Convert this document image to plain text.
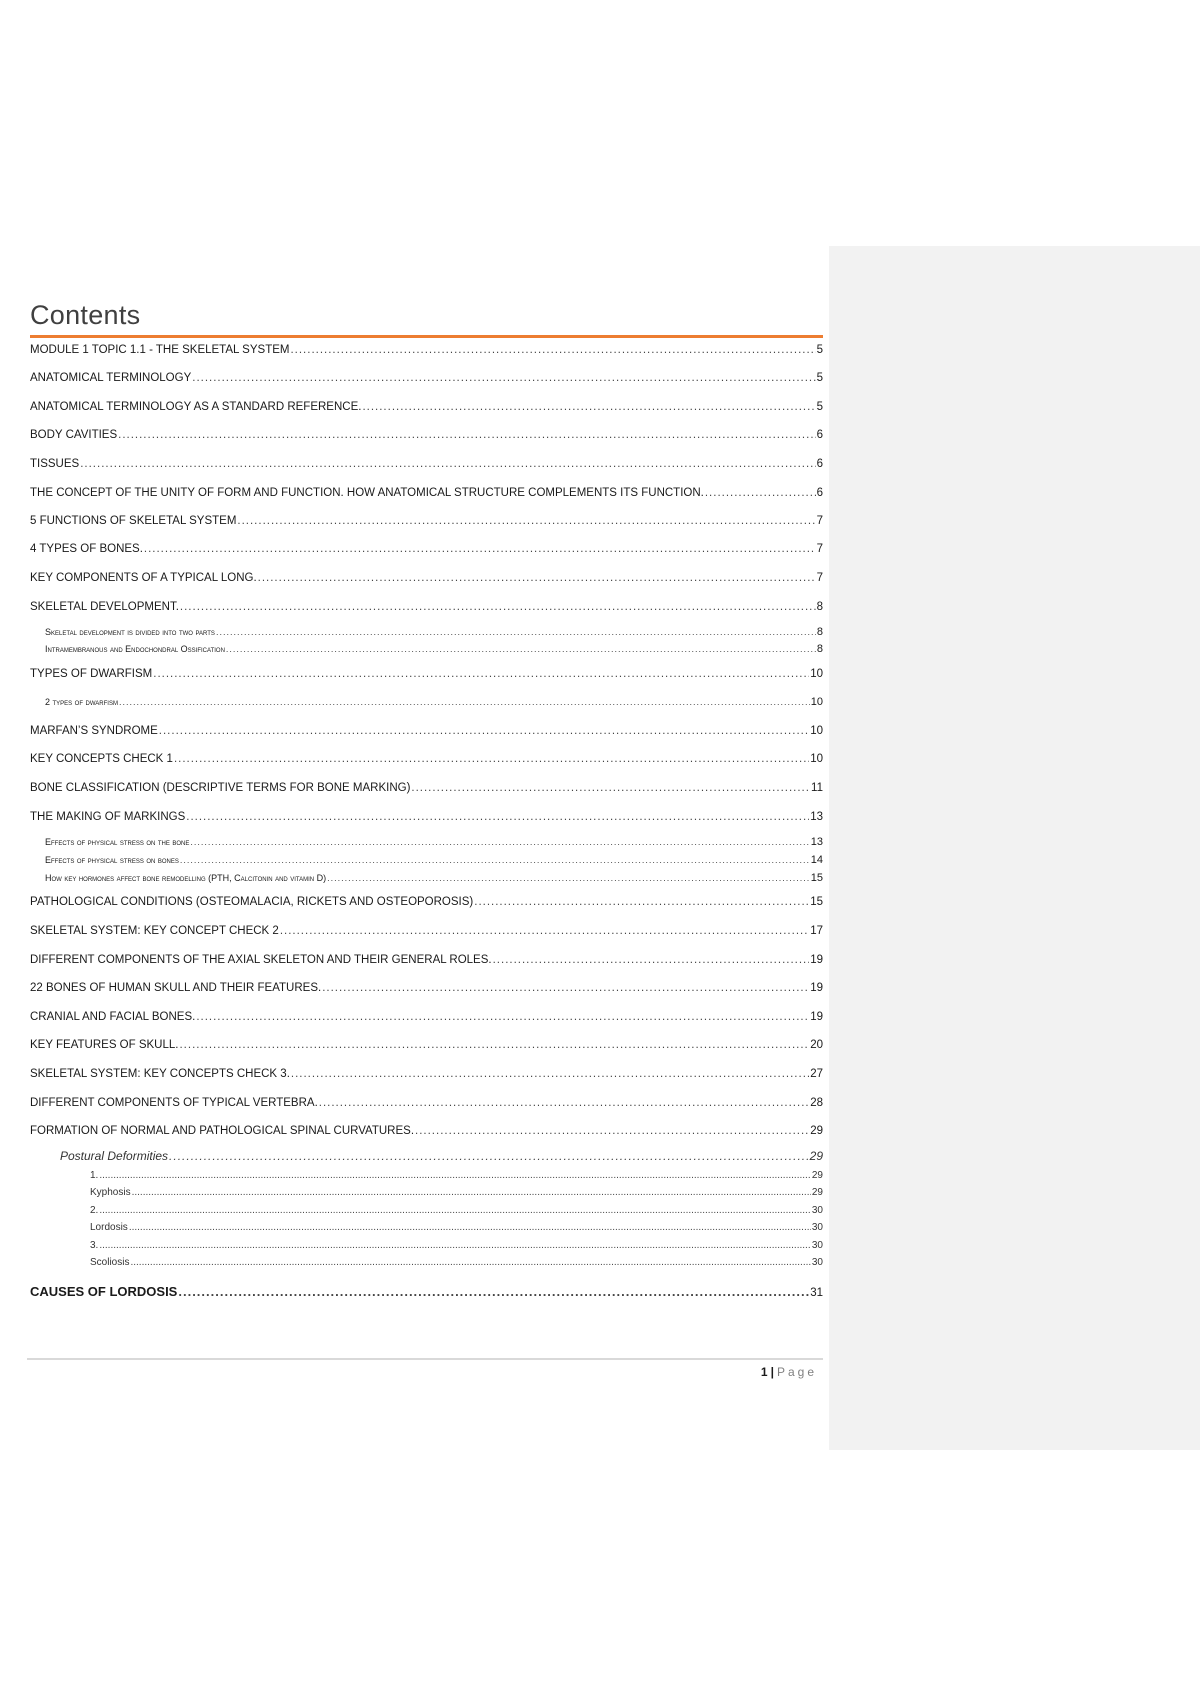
Contents
MODULE 1 TOPIC 1.1 - THE SKELETAL SYSTEM .....	5
ANATOMICAL TERMINOLOGY .....	5
ANATOMICAL TERMINOLOGY AS A STANDARD REFERENCE. .....	5
BODY CAVITIES .....	6
TISSUES .....	6
THE CONCEPT OF THE UNITY OF FORM AND FUNCTION. HOW ANATOMICAL STRUCTURE COMPLEMENTS ITS FUNCTION. .....	6
5 FUNCTIONS OF SKELETAL SYSTEM .....	7
4 TYPES OF BONES. .....	7
KEY COMPONENTS OF A TYPICAL LONG. .....	7
SKELETAL DEVELOPMENT. .....	8
Skeletal development is divided into two parts .....	8
Intramembranous and Endochondral Ossification .....	8
TYPES OF DWARFISM .....	10
2 types of dwarfism .....	10
MARFAN’S SYNDROME .....	10
KEY CONCEPTS CHECK 1 .....	10
BONE CLASSIFICATION (DESCRIPTIVE TERMS FOR BONE MARKING) .....	11
THE MAKING OF MARKINGS .....	13
Effects of physical stress on the bone .....	13
Effects of physical stress on bones .....	14
How key hormones affect bone remodelling (PTH, Calcitonin and vitamin D) .....	15
PATHOLOGICAL CONDITIONS (OSTEOMALACIA, RICKETS AND OSTEOPOROSIS) .....	15
SKELETAL SYSTEM: KEY CONCEPT CHECK 2 .....	17
DIFFERENT COMPONENTS OF THE AXIAL SKELETON AND THEIR GENERAL ROLES. .....	19
22 BONES OF HUMAN SKULL AND THEIR FEATURES. .....	19
CRANIAL AND FACIAL BONES. .....	19
KEY FEATURES OF SKULL. .....	20
SKELETAL SYSTEM: KEY CONCEPTS CHECK 3. .....	27
DIFFERENT COMPONENTS OF TYPICAL VERTEBRA. .....	28
FORMATION OF NORMAL AND PATHOLOGICAL SPINAL CURVATURES. .....	29
Postural Deformities .....	29
1. .....	29
Kyphosis .....	29
2. .....	30
Lordosis .....	30
3. .....	30
Scoliosis .....	30
CAUSES OF LORDOSIS .....	31
1 | Page
